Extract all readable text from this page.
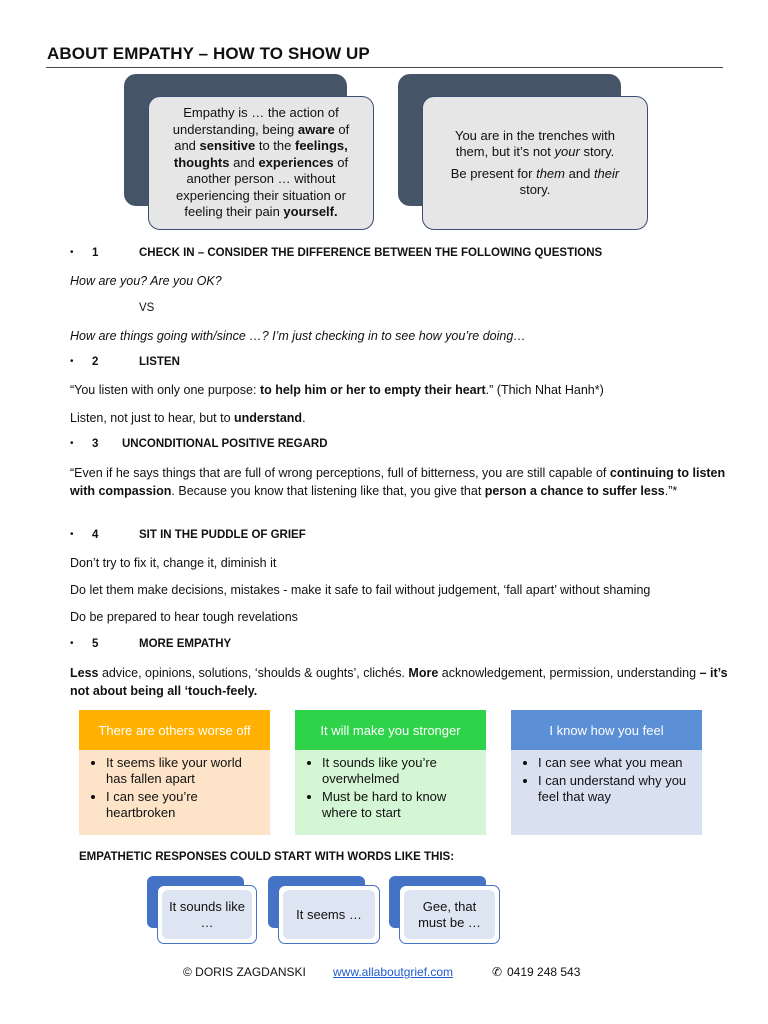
ABOUT EMPATHY – HOW TO SHOW UP

Empathy is … the action of
understanding, being aware of
and sensitive to the feelings,
thoughts and experiences of
another person … without
experiencing their situation or
feeling their pain yourself.

You are in the trenches with
them, but it’s not your story.

Be present for them and their
story.

• 1	CHECK IN – CONSIDER THE DIFFERENCE BETWEEN THE FOLLOWING QUESTIONS
How are you? Are you OK?
VS
How are things going with/since …? I’m just checking in to see how you’re doing…
• 2	LISTEN
“You listen with only one purpose: to help him or her to empty their heart.” (Thich Nhat Hanh*)
Listen, not just to hear, but to understand.
• 3 UNCONDITIONAL POSITIVE REGARD
“Even if he says things that are full of wrong perceptions, full of bitterness, you are still capable of continuing to listen with compassion. Because you know that listening like that, you give that person a chance to suffer less.”*
• 4	SIT IN THE PUDDLE OF GRIEF
Don’t try to fix it, change it, diminish it
Do let them make decisions, mistakes - make it safe to fail without judgement, ‘fall apart’ without shaming
Do be prepared to hear tough revelations
• 5	MORE EMPATHY
Less advice, opinions, solutions, ‘shoulds & oughts’, clichés. More acknowledgement, permission, understanding – it’s not about being all ‘touch-feely.
There are others worse off
• It seems like your world has fallen apart
• I can see you’re heartbroken
It will make you stronger
• It sounds like you’re overwhelmed
• Must be hard to know where to start
I know how you feel
• I can see what you mean
• I can understand why you feel that way
EMPATHETIC RESPONSES COULD START WITH WORDS LIKE THIS:
It sounds like
…
It seems …
Gee, that
must be …
© DORIS ZAGDANSKI www.allaboutgrief.com	✆ 0419 248 543
